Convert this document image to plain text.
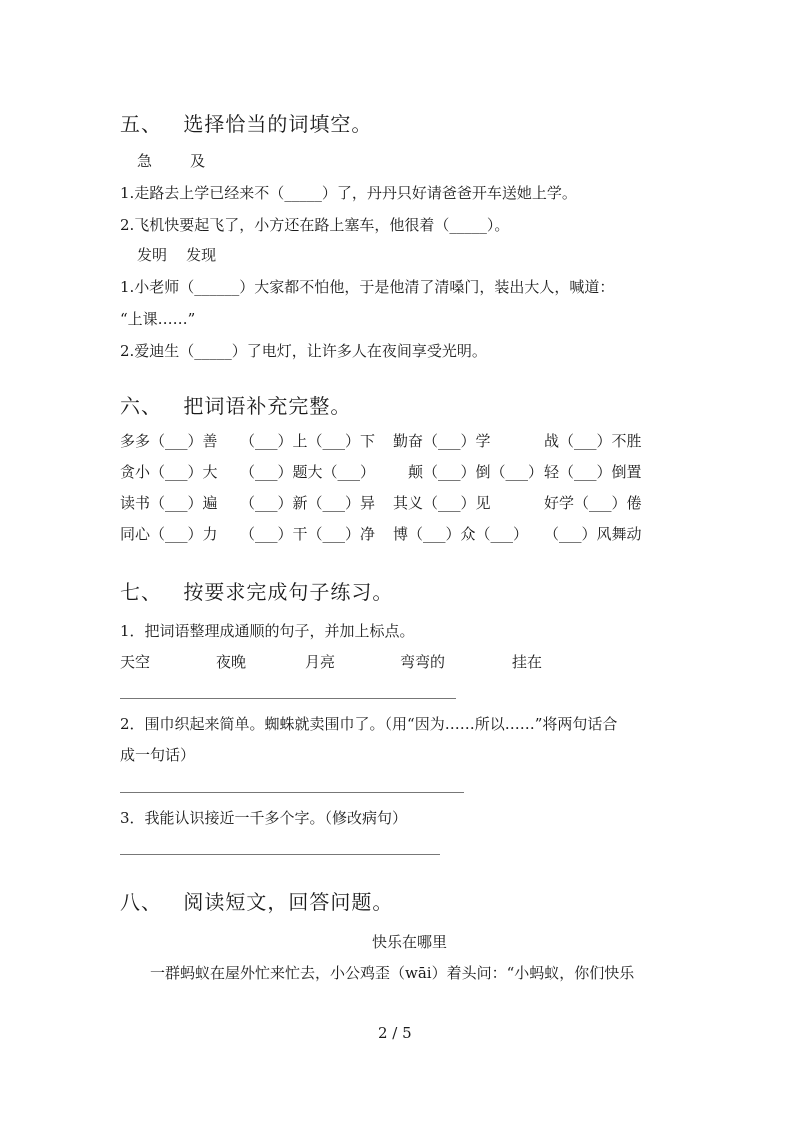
五、 选择恰当的词填空。
急        及
1.走路去上学已经来不（_____）了，丹丹只好请爸爸开车送她上学。
2.飞机快要起飞了，小方还在路上塞车，他很着（_____）。
发明    发现
1.小老师（______）大家都不怕他，于是他清了清嗓门，装出大人，喊道：
“上课……”
2.爱迪生（_____）了电灯，让许多人在夜间享受光明。
六、 把词语补充完整。
多多（___）善 （___）上（___）下 勤奋（___）学	战（___）不胜
贪小（___）大 （___）题大（___） 颠（___）倒（___） 轻（___）倒置
读书（___）遍 （___）新（___）异 其义（___）见	好学（___）倦
同心（___）力 （___）干（___）净 博（___）众（___） （___）风舞动
七、 按要求完成句子练习。
1．把词语整理成通顺的句子，并加上标点。
天空	夜晚	月亮	弯弯的	挂在
2．围巾织起来简单。蜘蛛就卖围巾了。（用“因为……所以……”将两句话合
成一句话）
3．我能认识接近一千多个字。（修改病句）
八、 阅读短文，回答问题。
快乐在哪里
一群蚂蚁在屋外忙来忙去，小公鸡歪（wāi）着头问：“小蚂蚁，你们快乐
2 / 5
